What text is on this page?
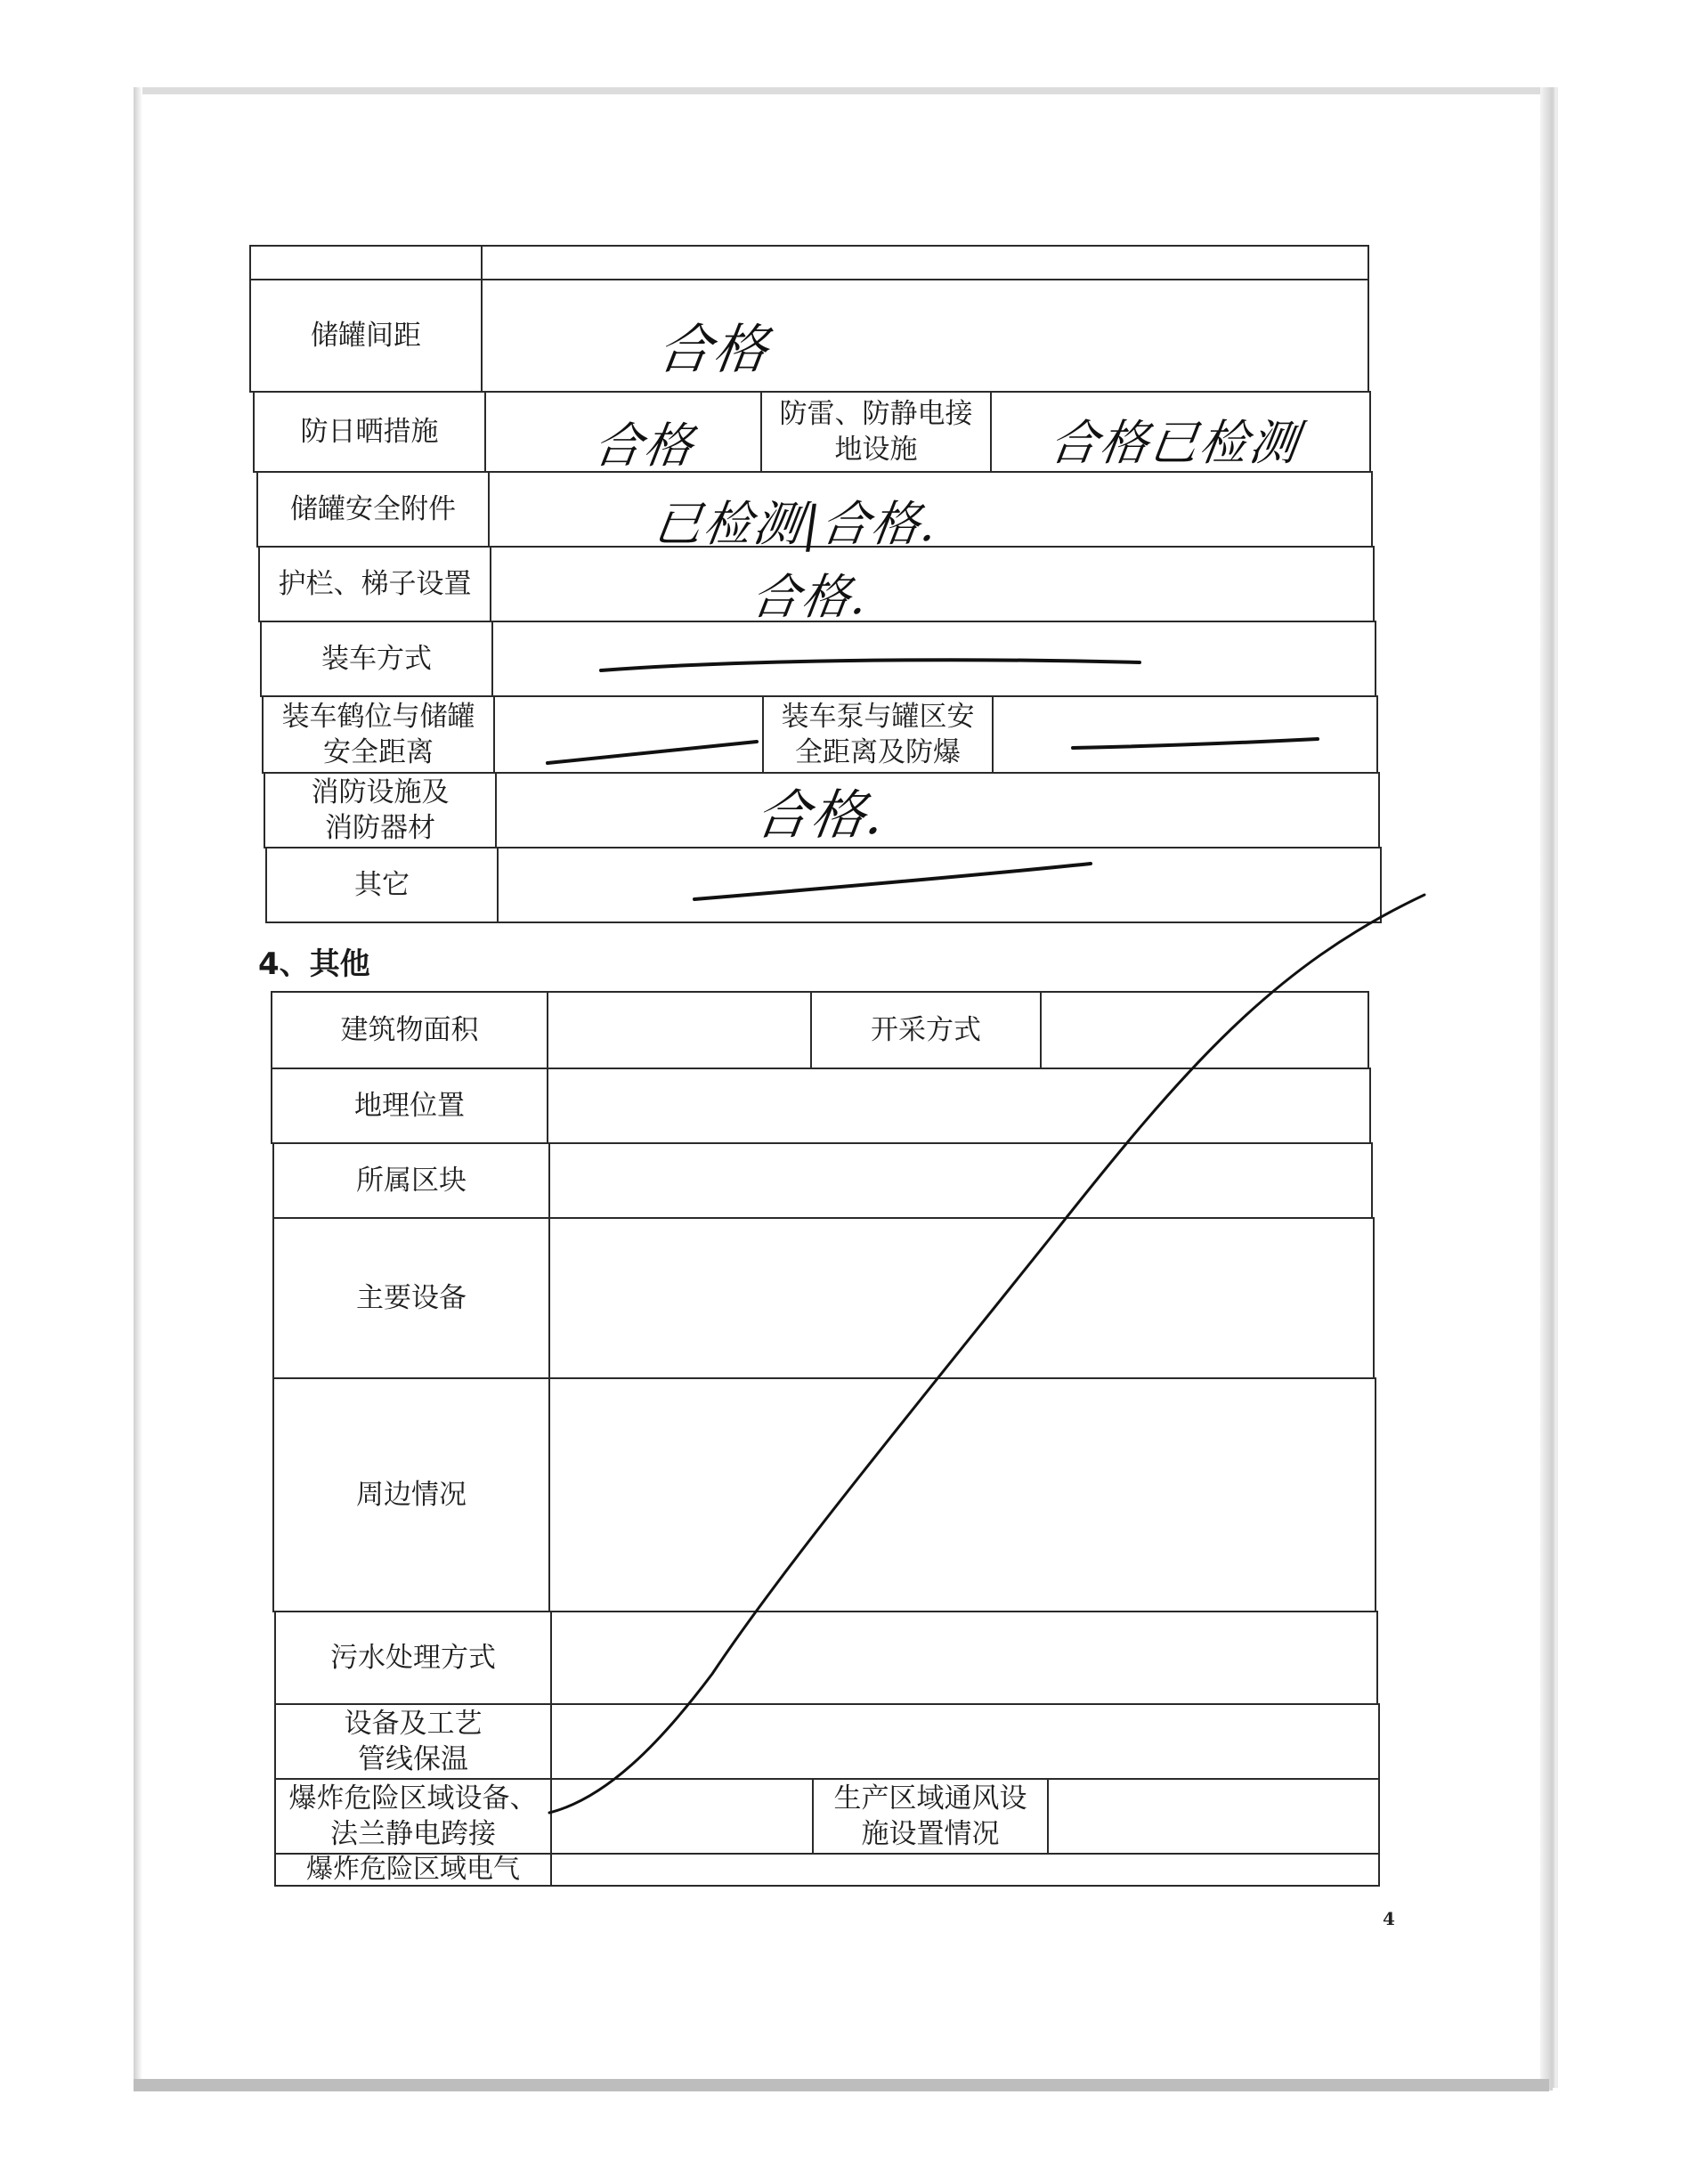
储罐间距
防日晒措施
防雷、防静电接
地设施
储罐安全附件
护栏、梯子设置
装车方式
装车鹤位与储罐
安全距离
装车泵与罐区安
全距离及防爆
消防设施及
消防器材
其它
4、其他
建筑物面积	开采方式
地理位置
所属区块
主要设备
周边情况
污水处理方式
设备及工艺
管线保温
爆炸危险区域设备、
法兰静电跨接
生产区域通风设
施设置情况
爆炸危险区域电气
合格
合格	合格已检测
已检测|合格.
合格.
合格.
4
